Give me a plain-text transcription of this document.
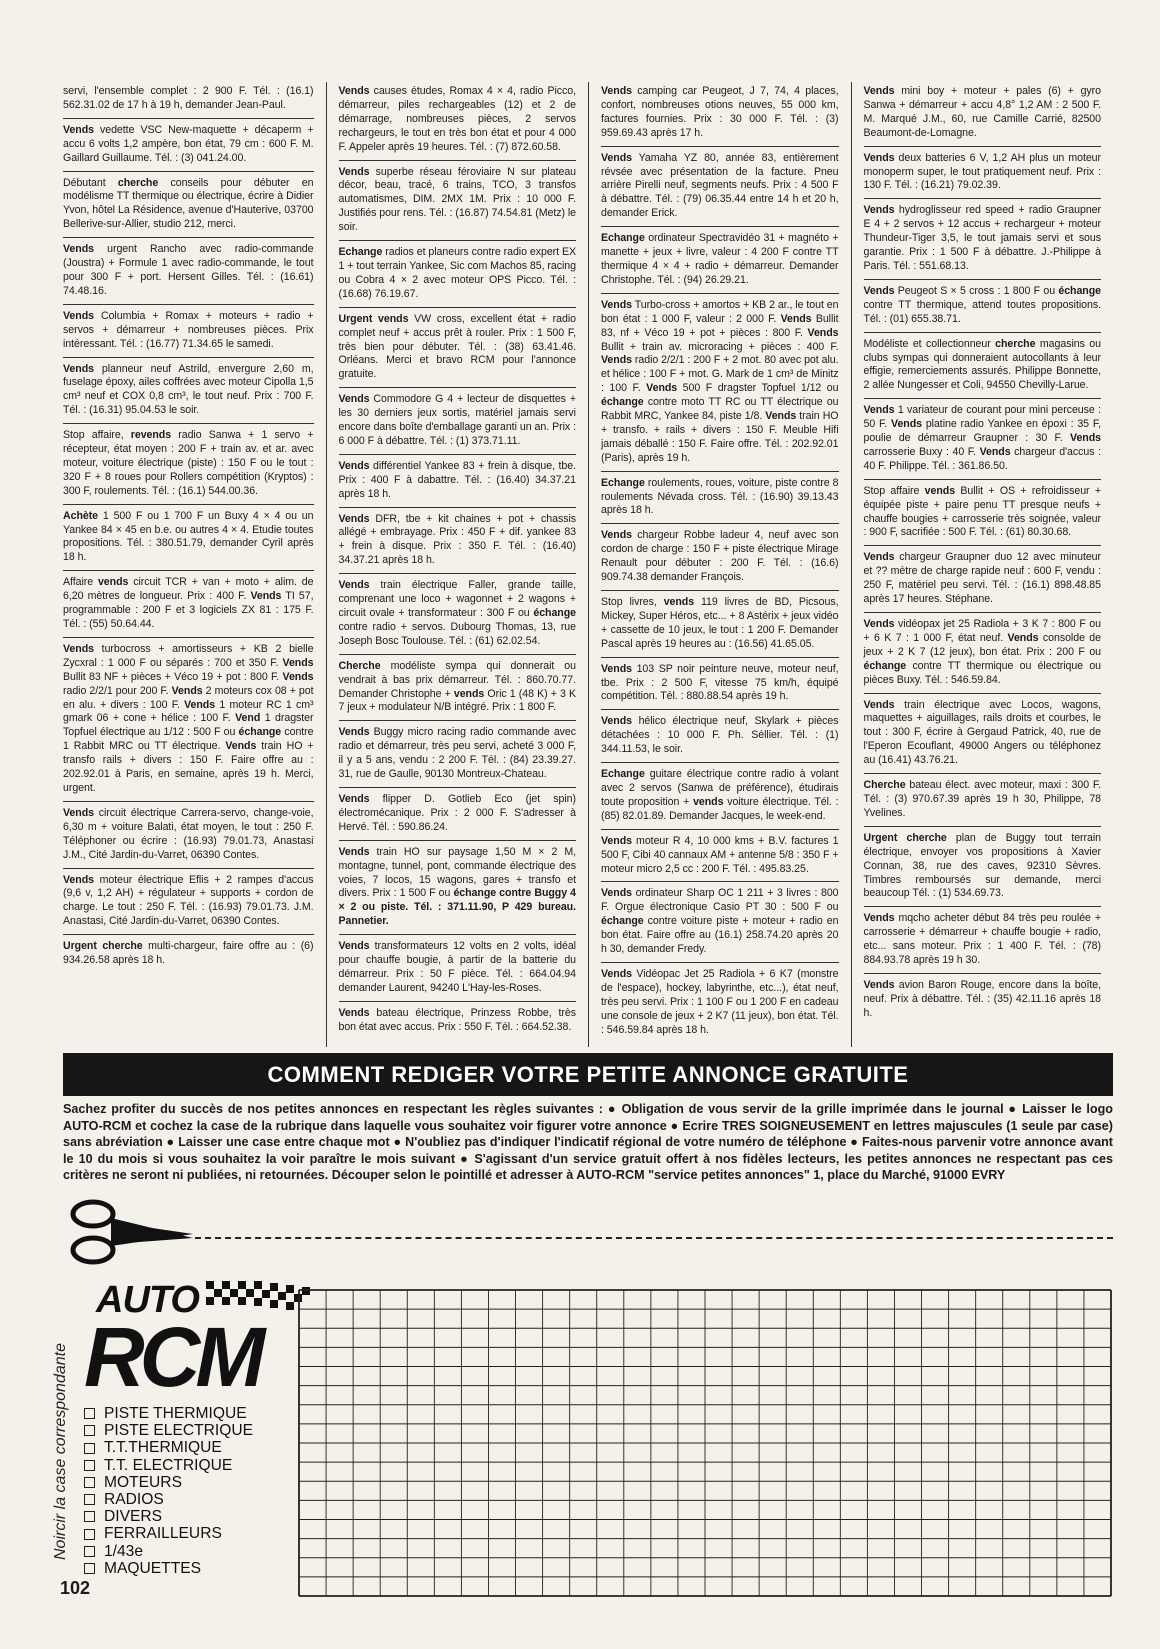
servi, l'ensemble complet : 2 900 F. Tél. : (16.1) 562.31.02 de 17 h à 19 h, demander Jean-Paul.
Vends vedette VSC New-maquette + décaperm + accu 6 volts 1,2 ampère, bon état, 79 cm : 600 F. M. Gaillard Guillaume. Tél. : (3) 041.24.00.
Débutant cherche conseils pour débuter en modélisme TT thermique ou électrique, écrire à Didier Yvon, hôtel La Résidence, avenue d'Hauterive, 03700 Bellerive-sur-Allier, studio 212, merci.
Vends urgent Rancho avec radio-commande (Joustra) + Formule 1 avec radio-commande, le tout pour 300 F + port. Hersent Gilles. Tél. : (16.61) 74.48.16.
Vends Columbia + Romax + moteurs + radio + servos + démarreur + nombreuses pièces. Prix intéressant. Tél. : (16.77) 71.34.65 le samedi.
Vends planneur neuf Astrild, envergure 2,60 m, fuselage époxy, ailes coffrées avec moteur Cipolla 1,5 cm³ neuf et COX 0,8 cm³, le tout neuf. Prix : 700 F. Tél. : (16.31) 95.04.53 le soir.
Stop affaire, revends radio Sanwa + 1 servo + récepteur, état moyen : 200 F + train av. et ar. avec moteur, voiture électrique (piste) : 150 F ou le tout : 320 F + 8 roues pour Rollers compétition (Kryptos) : 300 F, roulements. Tél. : (16.1) 544.00.36.
Achète 1 500 F ou 1 700 F un Buxy 4 × 4 ou un Yankee 84 × 45 en b.e. ou autres 4 × 4. Etudie toutes propositions. Tél. : 380.51.79, demander Cyril après 18 h.
Affaire vends circuit TCR + van + moto + alim. de 6,20 mètres de longueur. Prix : 400 F. Vends TI 57, programmable : 200 F et 3 logiciels ZX 81 : 175 F. Tél. : (55) 50.64.44.
Vends turbocross + amortisseurs + KB 2 bielle Zycxral : 1 000 F ou séparés : 700 et 350 F. Vends Bullit 83 NF + pièces + Véco 19 + pot : 800 F. Vends radio 2/2/1 pour 200 F. Vends 2 moteurs cox 08 + pot en alu. + divers : 100 F. Vends 1 moteur RC 1 cm³ gmark 06 + cone + hélice : 100 F. Vend 1 dragster Topfuel électrique au 1/12 : 500 F ou échange contre 1 Rabbit MRC ou TT électrique. Vends train HO + transfo rails + divers : 150 F. Faire offre au : 202.92.01 à Paris, en semaine, après 19 h. Merci, urgent.
Vends circuit électrique Carrera-servo, change-voie, 6,30 m + voiture Balati, état moyen, le tout : 250 F. Téléphoner ou écrire : (16.93) 79.01.73, Anastasi J.M., Cité Jardin-du-Varret, 06390 Contes.
Vends moteur électrique Eflis + 2 rampes d'accus (9,6 v, 1,2 AH) + régulateur + supports + cordon de charge. Le tout : 250 F. Tél. : (16.93) 79.01.73. J.M. Anastasi, Cité Jardin-du-Varret, 06390 Contes.
Urgent cherche multi-chargeur, faire offre au : (6) 934.26.58 après 18 h.
Vends causes études, Romax 4 × 4, radio Picco, démarreur, piles rechargeables (12) et 2 de démarrage, nombreuses pièces, 2 servos rechargeurs, le tout en très bon état et pour 4 000 F. Appeler après 19 heures. Tél. : (7) 872.60.58.
Vends superbe réseau féroviaire N sur plateau décor, beau, tracé, 6 trains, TCO, 3 transfos automatismes, DIM. 2MX 1M. Prix : 10 000 F. Justifiés pour rens. Tél. : (16.87) 74.54.81 (Metz) le soir.
Echange radios et planeurs contre radio expert EX 1 + tout terrain Yankee, Sic com Machos 85, racing ou Cobra 4 × 2 avec moteur OPS Picco. Tél. : (16.68) 76.19.67.
Urgent vends VW cross, excellent état + radio complet neuf + accus prêt à rouler. Prix : 1 500 F, très bien pour débuter. Tél. : (38) 63.41.46. Orléans. Merci et bravo RCM pour l'annonce gratuite.
Vends Commodore G 4 + lecteur de disquettes + les 30 derniers jeux sortis, matériel jamais servi encore dans boîte d'emballage garanti un an. Prix : 6 000 F à débattre. Tél. : (1) 373.71.11.
Vends différentiel Yankee 83 + frein à disque, tbe. Prix : 400 F à dabattre. Tél. : (16.40) 34.37.21 après 18 h.
Vends DFR, tbe + kit chaines + pot + chassis allégé + embrayage. Prix : 450 F + dif. yankee 83 + frein à disque. Prix : 350 F. Tél. : (16.40) 34.37.21 après 18 h.
Vends train électrique Faller, grande taille, comprenant une loco + wagonnet + 2 wagons + circuit ovale + transformateur : 300 F ou échange contre radio + servos. Dubourg Thomas, 13, rue Joseph Bosc Toulouse. Tél. : (61) 62.02.54.
Cherche modéliste sympa qui donnerait ou vendrait à bas prix démarreur. Tél. : 860.70.77. Demander Christophe + vends Oric 1 (48 K) + 3 K 7 jeux + modulateur N/B intégré. Prix : 1 800 F.
Vends Buggy micro racing radio commande avec radio et démarreur, très peu servi, acheté 3 000 F, il y a 5 ans, vendu : 2 200 F. Tél. : (84) 23.39.27. 31, rue de Gaulle, 90130 Montreux-Chateau.
Vends flipper D. Gotlieb Eco (jet spin) électromécanique. Prix : 2 000 F. S'adresser à Hervé. Tél. : 590.86.24.
Vends train HO sur paysage 1,50 M × 2 M, montagne, tunnel, pont, commande électrique des voies, 7 locos, 15 wagons, gares + transfo et divers. Prix : 1 500 F ou échange contre Buggy 4 × 2 ou piste. Tél. : 371.11.90, P 429 bureau. Pannetier.
Vends transformateurs 12 volts en 2 volts, idéal pour chauffe bougie, à partir de la batterie du démarreur. Prix : 50 F pièce. Tél. : 664.04.94 demander Laurent, 94240 L'Hay-les-Roses.
Vends bateau électrique, Prinzess Robbe, très bon état avec accus. Prix : 550 F. Tél. : 664.52.38.
Vends camping car Peugeot, J 7, 74, 4 places, confort, nombreuses otions neuves, 55 000 km, factures fournies. Prix : 30 000 F. Tél. : (3) 959.69.43 après 17 h.
Vends Yamaha YZ 80, année 83, entièrement révsée avec présentation de la facture. Pneu arrière Pirelli neuf, segments neufs. Prix : 4 500 F à débattre. Tél. : (79) 06.35.44 entre 14 h et 20 h, demander Erick.
Echange ordinateur Spectravidéo 31 + magnéto + manette + jeux + livre, valeur : 4 200 F contre TT thermique 4 × 4 + radio + démarreur. Demander Christophe. Tél. : (94) 26.29.21.
Vends Turbo-cross + amortos + KB 2 ar., le tout en bon état : 1 000 F, valeur : 2 000 F. Vends Bullit 83, nf + Véco 19 + pot + pièces : 800 F. Vends Bullit + train av. microracing + pièces : 400 F. Vends radio 2/2/1 : 200 F + 2 mot. 80 avec pot alu. et hélice : 100 F + mot. G. Mark de 1 cm³ de Minitz : 100 F. Vends 500 F dragster Topfuel 1/12 ou échange contre moto TT RC ou TT électrique ou Rabbit MRC, Yankee 84, piste 1/8. Vends train HO + transfo. + rails + divers : 150 F. Meuble Hifi jamais déballé : 150 F. Faire offre. Tél. : 202.92.01 (Paris), après 19 h.
Echange roulements, roues, voiture, piste contre 8 roulements Névada cross. Tél. : (16.90) 39.13.43 après 18 h.
Vends chargeur Robbe ladeur 4, neuf avec son cordon de charge : 150 F + piste électrique Mirage Renault pour débuter : 200 F. Tél. : (16.6) 909.74.38 demander François.
Stop livres, vends 119 livres de BD, Picsous, Mickey, Super Héros, etc... + 8 Astérix + jeux vidéo + cassette de 10 jeux, le tout : 1 200 F. Demander Pascal après 19 heures au : (16.56) 41.65.05.
Vends 103 SP noir peinture neuve, moteur neuf, tbe. Prix : 2 500 F, vitesse 75 km/h, équipé compétition. Tél. : 880.88.54 après 19 h.
Vends hélico électrique neuf, Skylark + pièces détachées : 10 000 F. Ph. Séllier. Tél. : (1) 344.11.53, le soir.
Echange guitare électrique contre radio à volant avec 2 servos (Sanwa de préférence), étudirais toute proposition + vends voiture électrique. Tél. : (85) 82.01.89. Demander Jacques, le week-end.
Vends moteur R 4, 10 000 kms + B.V. factures 1 500 F, Cibi 40 cannaux AM + antenne 5/8 : 350 F + moteur micro 2,5 cc : 200 F. Tél. : 495.83.25.
Vends ordinateur Sharp OC 1 211 + 3 livres : 800 F. Orgue électronique Casio PT 30 : 500 F ou échange contre voiture piste + moteur + radio en bon état. Faire offre au (16.1) 258.74.20 après 20 h 30, demander Fredy.
Vends Vidéopac Jet 25 Radiola + 6 K7 (monstre de l'espace), hockey, labyrinthe, etc...), état neuf, très peu servi. Prix : 1 100 F ou 1 200 F en cadeau une console de jeux + 2 K7 (11 jeux), bon état. Tél. : 546.59.84 après 18 h.
Vends mini boy + moteur + pales (6) + gyro Sanwa + démarreur + accu 4,8° 1,2 AM : 2 500 F. M. Marqué J.M., 60, rue Camille Carrié, 82500 Beaumont-de-Lomagne.
Vends deux batteries 6 V, 1,2 AH plus un moteur monoperm super, le tout pratiquement neuf. Prix : 130 F. Tél. : (16.21) 79.02.39.
Vends hydroglisseur red speed + radio Graupner E 4 + 2 servos + 12 accus + rechargeur + moteur Thundeur-Tiger 3,5, le tout jamais servi et sous garantie. Prix : 1 500 F à débattre. J.-Philippe à Paris. Tél. : 551.68.13.
Vends Peugeot S × 5 cross : 1 800 F ou échange contre TT thermique, attend toutes propositions. Tél. : (01) 655.38.71.
Modéliste et collectionneur cherche magasins ou clubs sympas qui donneraient autocollants à leur effigie, remerciements assurés. Philippe Bonnette, 2 allée Nungesser et Coli, 94550 Chevilly-Larue.
Vends 1 variateur de courant pour mini perceuse : 50 F. Vends platine radio Yankee en époxi : 35 F, poulie de démarreur Graupner : 30 F. Vends carrosserie Buxy : 40 F. Vends chargeur d'accus : 40 F. Philippe. Tél. : 361.86.50.
Stop affaire vends Bullit + OS + refroidisseur + équipée piste + paire penu TT presque neufs + chauffe bougies + carrosserie très soignée, valeur : 900 F, sacrifiée : 500 F. Tél. : (61) 80.30.68.
Vends chargeur Graupner duo 12 avec minuteur et ?? mètre de charge rapide neuf : 600 F, vendu : 250 F, matériel peu servi. Tél. : (16.1) 898.48.85 après 17 heures. Stéphane.
Vends vidéopax jet 25 Radiola + 3 K 7 : 800 F ou + 6 K 7 : 1 000 F, état neuf. Vends consolde de jeux + 2 K 7 (12 jeux), bon état. Prix : 200 F ou échange contre TT thermique ou électrique ou pièces Buxy. Tél. : 546.59.84.
Vends train électrique avec Locos, wagons, maquettes + aiguillages, rails droits et courbes, le tout : 300 F, écrire à Gergaud Patrick, 40, rue de l'Eperon Ecouflant, 49000 Angers ou téléphonez au (16.41) 43.76.21.
Cherche bateau élect. avec moteur, maxi : 300 F. Tél. : (3) 970.67.39 après 19 h 30, Philippe, 78 Yvelines.
Urgent cherche plan de Buggy tout terrain électrique, envoyer vos propositions à Xavier Connan, 38, rue des caves, 92310 Sèvres. Timbres remboursés sur demande, merci beaucoup Tél. : (1) 534.69.73.
Vends mqcho acheter début 84 très peu roulée + carrosserie + démarreur + chauffe bougie + radio, etc... sans moteur. Prix : 1 400 F. Tél. : (78) 884.93.78 après 19 h 30.
Vends avion Baron Rouge, encore dans la boîte, neuf. Prix à débattre. Tél. : (35) 42.11.16 après 18 h.
COMMENT REDIGER VOTRE PETITE ANNONCE GRATUITE
Sachez profiter du succès de nos petites annonces en respectant les règles suivantes : ● Obligation de vous servir de la grille imprimée dans le journal ● Laisser le logo AUTO-RCM et cochez la case de la rubrique dans laquelle vous souhaitez voir figurer votre annonce ● Ecrire TRES SOIGNEUSEMENT en lettres majuscules (1 seule par case) sans abréviation ● Laisser une case entre chaque mot ● N'oubliez pas d'indiquer l'indicatif régional de votre numéro de téléphone ● Faites-nous parvenir votre annonce avant le 10 du mois si vous souhaitez la voir paraître le mois suivant ● S'agissant d'un service gratuit offert à nos fidèles lecteurs, les petites annonces ne respectant pas ces critères ne seront ni publiées, ni retournées. Découper selon le pointillé et adresser à AUTO-RCM "service petites annonces" 1, place du Marché, 91000 EVRY
AUTO
RCM
Noircir la case correspondante PISTE THERMIQUE
PISTE ELECTRIQUE
T.T.THERMIQUE
T.T. ELECTRIQUE
MOTEURS
RADIOS
DIVERS
FERRAILLEURS
1/43e
MAQUETTES
102
